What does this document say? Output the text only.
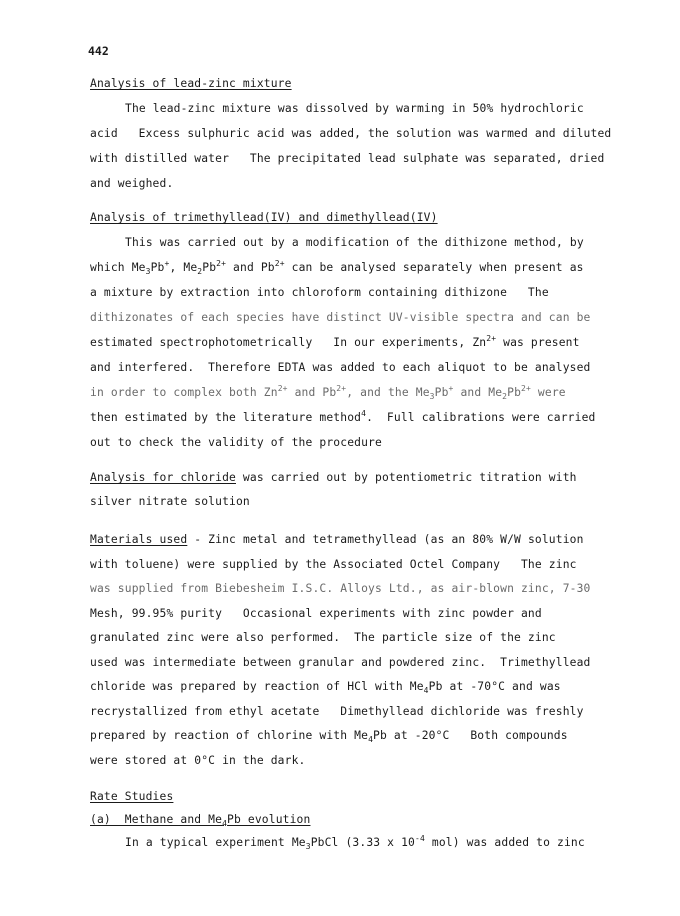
442
Analysis of lead-zinc mixture
The lead-zinc mixture was dissolved by warming in 50% hydrochloric
acid   Excess sulphuric acid was added, the solution was warmed and diluted
with distilled water   The precipitated lead sulphate was separated, dried
and weighed.
Analysis of trimethyllead(IV) and dimethyllead(IV)
This was carried out by a modification of the dithizone method, by
which $Me_3Pb^+$, $Me_2Pb^{2+}$ and $Pb^{2+}$ can be analysed separately when present as
a mixture by extraction into chloroform containing dithizone   The
dithizonates of each species have distinct UV-visible spectra and can be
estimated spectrophotometrically   In our experiments, $Zn^{2+}$ was present
and interfered.  Therefore EDTA was added to each aliquot to be analysed
in order to complex both $Zn^{2+}$ and $Pb^{2+}$, and the $Me_3Pb^+$ and $Me_2Pb^{2+}$ were
then estimated by the literature method$^4$.  Full calibrations were carried
out to check the validity of the procedure
Analysis for chloride was carried out by potentiometric titration with
silver nitrate solution
Materials used - Zinc metal and tetramethyllead (as an 80% W/W solution
with toluene) were supplied by the Associated Octel Company   The zinc
was supplied from Biebesheim I.S.C. Alloys Ltd., as air-blown zinc, 7-30
Mesh, 99.95% purity   Occasional experiments with zinc powder and
granulated zinc were also performed.  The particle size of the zinc
used was intermediate between granular and powdered zinc.  Trimethyllead
chloride was prepared by reaction of HCl with $Me_4Pb$ at -70°C and was
recrystallized from ethyl acetate   Dimethyllead dichloride was freshly
prepared by reaction of chlorine with $Me_4Pb$ at -20°C   Both compounds
were stored at 0°C in the dark.
Rate Studies
(a)  Methane and $Me_4Pb$ evolution
In a typical experiment $Me_3PbCl$ (3.33 x $10^{-4}$ mol) was added to zinc
